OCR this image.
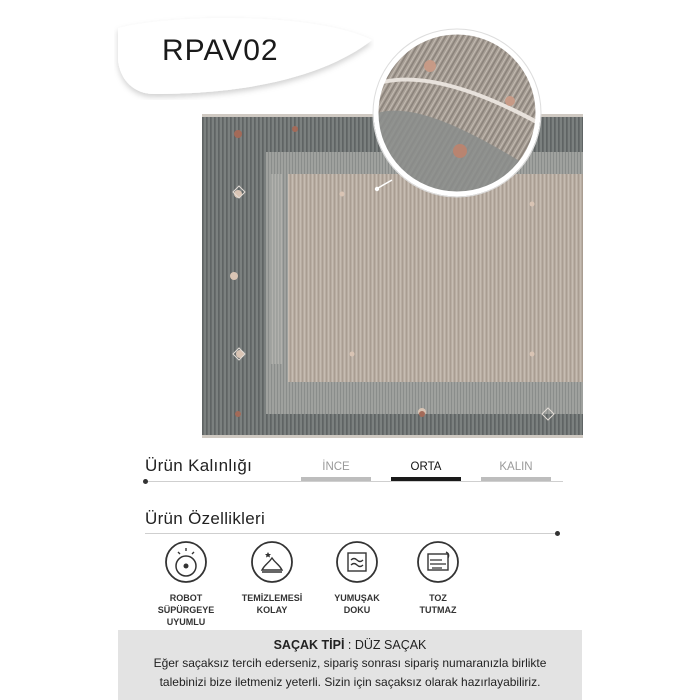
RPAV02
Ürün Kalınlığı	İNCE	ORTA	KALIN
Ürün Özellikleri
ROBOT
SÜPÜRGEYE
UYUMLU
TEMİZLEMESİ
KOLAY
YUMUŞAK
DOKU
TOZ
TUTMAZ
SAÇAK TİPİ : DÜZ SAÇAK
Eğer saçaksız tercih ederseniz, sipariş sonrası sipariş numaranızla birlikte
talebinizi bize iletmeniz yeterli. Sizin için saçaksız olarak hazırlayabiliriz.
